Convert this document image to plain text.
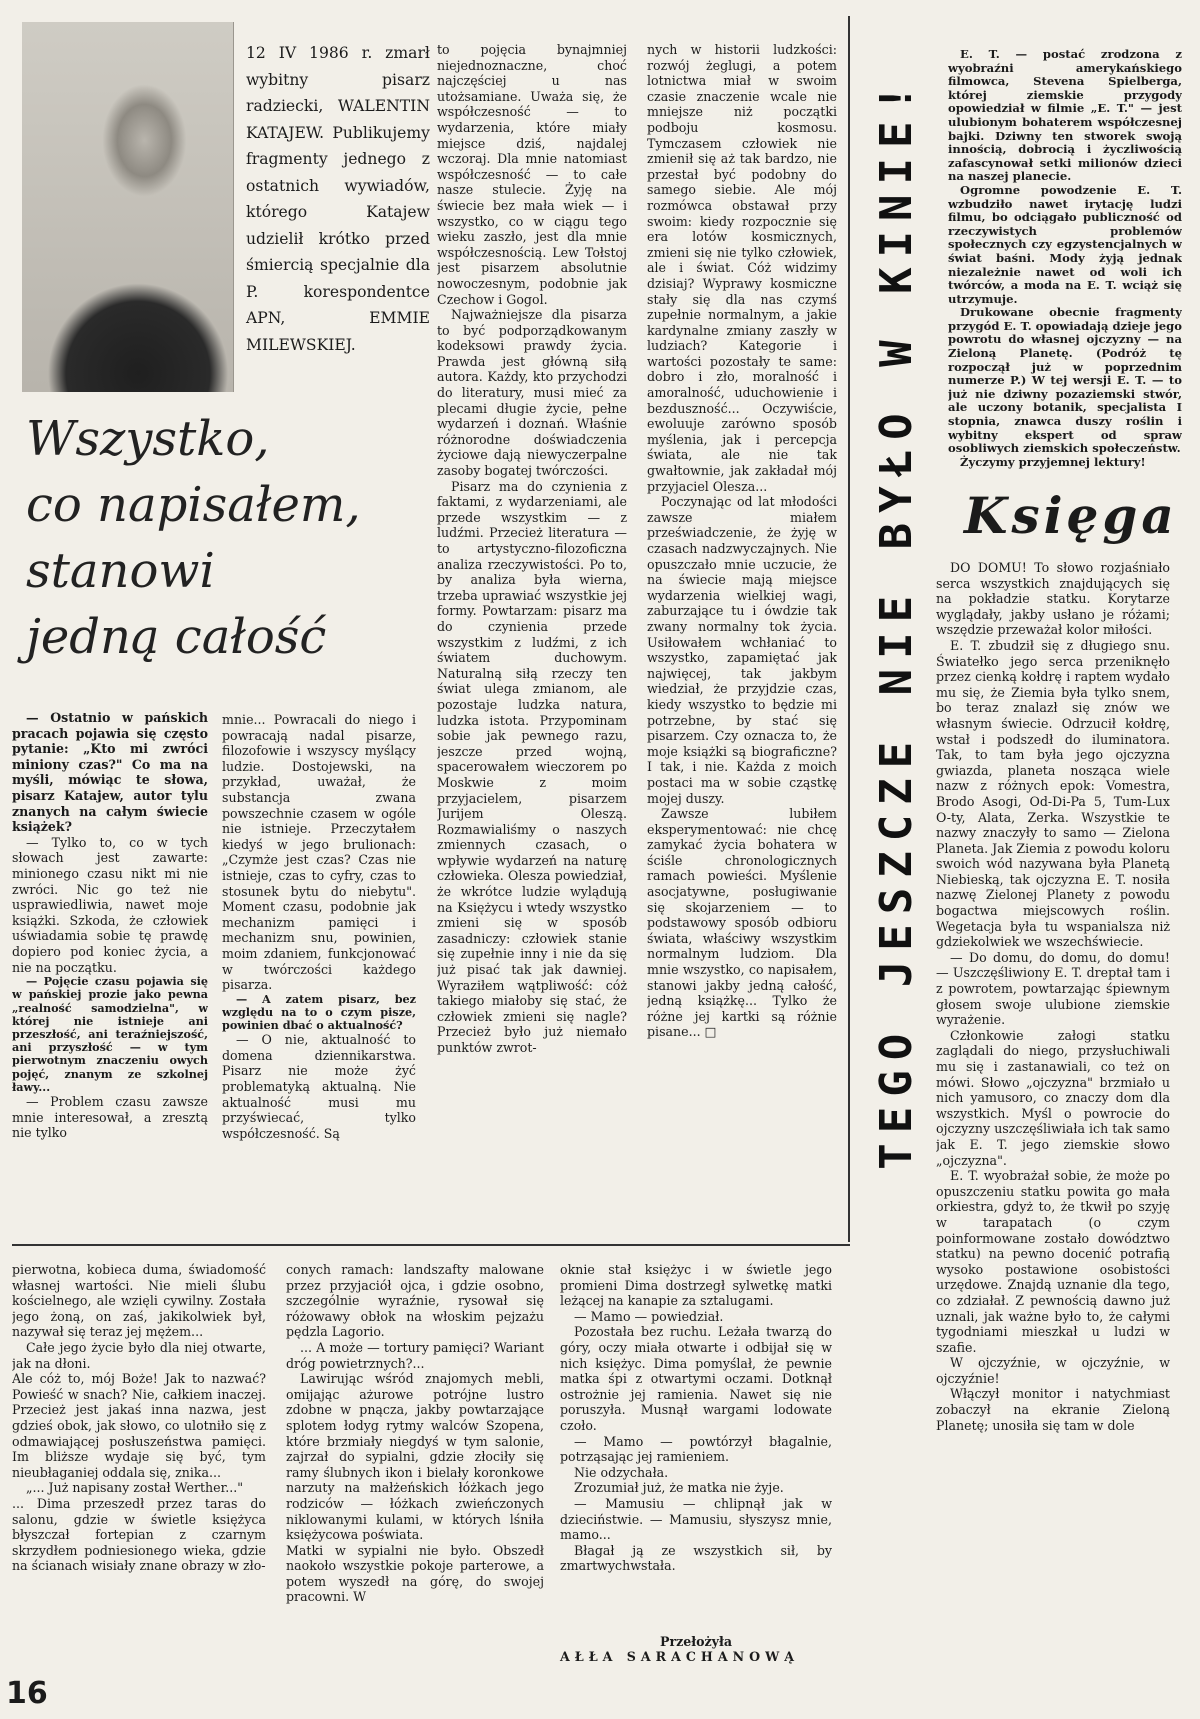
12 IV 1986 r. zmarł wybitny pisarz radziecki, WALENTIN KATAJEW. Publikujemy fragmenty jednego z ostatnich wywiadów, którego Katajew udzielił krótko przed śmiercią specjalnie dla P. korespondentce APN, EMMIE MILEWSKIEJ.

Wszystko,

co napisałem,

stanowi

jedną całość

— Ostatnio w pańskich pracach pojawia się często pytanie: „Kto mi zwróci miniony czas?" Co ma na myśli, mówiąc te słowa, pisarz Katajew, autor tylu znanych na całym świecie książek?

— Tylko to, co w tych słowach jest zawarte: minionego czasu nikt mi nie zwróci. Nic go też nie usprawiedliwia, nawet moje książki. Szkoda, że człowiek uświadamia sobie tę prawdę dopiero pod koniec życia, a nie na początku.

— Pojęcie czasu pojawia się w pańskiej prozie jako pewna „realność samodzielna", w której nie istnieje ani przeszłość, ani teraźniejszość, ani przyszłość — w tym pierwotnym znaczeniu owych pojęć, znanym ze szkolnej ławy...

— Problem czasu zawsze mnie interesował, a zresztą nie tylko

mnie... Powracali do niego i powracają nadal pisarze, filozofowie i wszyscy myślący ludzie. Dostojewski, na przykład, uważał, że substancja zwana powszechnie czasem w ogóle nie istnieje. Przeczytałem kiedyś w jego brulionach: „Czymże jest czas? Czas nie istnieje, czas to cyfry, czas to stosunek bytu do niebytu". Moment czasu, podobnie jak mechanizm pamięci i mechanizm snu, powinien, moim zdaniem, funkcjonować w twórczości każdego pisarza.

— A zatem pisarz, bez względu na to o czym pisze, powinien dbać o aktualność?

— O nie, aktualność to domena dziennikarstwa. Pisarz nie może żyć problematyką aktualną. Nie aktualność musi mu przyświecać, tylko współczesność. Są

to pojęcia bynajmniej niejednoznaczne, choć najczęściej u nas utożsamiane. Uważa się, że współczesność — to wydarzenia, które miały miejsce dziś, najdalej wczoraj. Dla mnie natomiast współczesność — to całe nasze stulecie. Żyję na świecie bez mała wiek — i wszystko, co w ciągu tego wieku zaszło, jest dla mnie współczesnością. Lew Tołstoj jest pisarzem absolutnie nowoczesnym, podobnie jak Czechow i Gogol.

Najważniejsze dla pisarza to być podporządkowanym kodeksowi prawdy życia. Prawda jest główną siłą autora. Każdy, kto przychodzi do literatury, musi mieć za plecami długie życie, pełne wydarzeń i doznań. Właśnie różnorodne doświadczenia życiowe dają niewyczerpalne zasoby bogatej twórczości.

Pisarz ma do czynienia z faktami, z wydarzeniami, ale przede wszystkim — z ludźmi. Przecież literatura — to artystyczno-filozoficzna analiza rzeczywistości. Po to, by analiza była wierna, trzeba uprawiać wszystkie jej formy. Powtarzam: pisarz ma do czynienia przede wszystkim z ludźmi, z ich światem duchowym. Naturalną siłą rzeczy ten świat ulega zmianom, ale pozostaje ludzka natura, ludzka istota. Przypominam sobie jak pewnego razu, jeszcze przed wojną, spacerowałem wieczorem po Moskwie z moim przyjacielem, pisarzem Jurijem Oleszą. Rozmawialiśmy o naszych zmiennych czasach, o wpływie wydarzeń na naturę człowieka. Olesza powiedział, że wkrótce ludzie wylądują na Księżycu i wtedy wszystko zmieni się w sposób zasadniczy: człowiek stanie się zupełnie inny i nie da się już pisać tak jak dawniej. Wyraziłem wątpliwość: cóż takiego miałoby się stać, że człowiek zmieni się nagle? Przecież było już niemało punktów zwrot-

nych w historii ludzkości: rozwój żeglugi, a potem lotnictwa miał w swoim czasie znaczenie wcale nie mniejsze niż początki podboju kosmosu. Tymczasem człowiek nie zmienił się aż tak bardzo, nie przestał być podobny do samego siebie. Ale mój rozmówca obstawał przy swoim: kiedy rozpocznie się era lotów kosmicznych, zmieni się nie tylko człowiek, ale i świat. Cóż widzimy dzisiaj? Wyprawy kosmiczne stały się dla nas czymś zupełnie normalnym, a jakie kardynalne zmiany zaszły w ludziach? Kategorie i wartości pozostały te same: dobro i zło, moralność i amoralność, uduchowienie i bezduszność... Oczywiście, ewoluuje zarówno sposób myślenia, jak i percepcja świata, ale nie tak gwałtownie, jak zakładał mój przyjaciel Olesza...

Poczynając od lat młodości zawsze miałem przeświadczenie, że żyję w czasach nadzwyczajnych. Nie opuszczało mnie uczucie, że na świecie mają miejsce wydarzenia wielkiej wagi, zaburzające tu i ówdzie tak zwany normalny tok życia. Usiłowałem wchłaniać to wszystko, zapamiętać jak najwięcej, tak jakbym wiedział, że przyjdzie czas, kiedy wszystko to będzie mi potrzebne, by stać się pisarzem. Czy oznacza to, że moje książki są biograficzne? I tak, i nie. Każda z moich postaci ma w sobie cząstkę mojej duszy.

Zawsze lubiłem eksperymentować: nie chcę zamykać życia bohatera w ściśle chronologicznych ramach powieści. Myślenie asocjatywne, posługiwanie się skojarzeniem — to podstawowy sposób odbioru świata, właściwy wszystkim normalnym ludziom. Dla mnie wszystko, co napisałem, stanowi jakby jedną całość, jedną książkę... Tylko że różne jej kartki są różnie pisane... □	TEGO JESZCZE NIE BYŁO W KINIE!

E. T. — postać zrodzona z wyobraźni amerykańskiego filmowca, Stevena Spielberga, której ziemskie przygody opowiedział w filmie „E. T." — jest ulubionym bohaterem współczesnej bajki. Dziwny ten stworek swoją innością, dobrocią i życzliwością zafascynował setki milionów dzieci na naszej planecie.

Ogromne powodzenie E. T. wzbudziło nawet irytację ludzi filmu, bo odciągało publiczność od rzeczywistych problemów społecznych czy egzystencjalnych w świat baśni. Mody żyją jednak niezależnie nawet od woli ich twórców, a moda na E. T. wciąż się utrzymuje.

Drukowane obecnie fragmenty przygód E. T. opowiadają dzieje jego powrotu do własnej ojczyzny — na Zieloną Planetę. (Podróż tę rozpoczął już w poprzednim numerze P.) W tej wersji E. T. — to już nie dziwny pozaziemski stwór, ale uczony botanik, specjalista I stopnia, znawca duszy roślin i wybitny ekspert od spraw osobliwych ziemskich społeczeństw.

Życzymy przyjemnej lektury!

Księga

DO DOMU! To słowo rozjaśniało serca wszystkich znajdujących się na pokładzie statku. Korytarze wyglądały, jakby usłano je różami; wszędzie przeważał kolor miłości.

E. T. zbudził się z długiego snu. Światełko jego serca przeniknęło przez cienką kołdrę i raptem wydało mu się, że Ziemia była tylko snem, bo teraz znalazł się znów we własnym świecie. Odrzucił kołdrę, wstał i podszedł do iluminatora. Tak, to tam była jego ojczyzna gwiazda, planeta nosząca wiele nazw z różnych epok: Vomestra, Brodo Asogi, Od-Di-Pa 5, Tum-Lux O-ty, Alata, Zerka. Wszystkie te nazwy znaczyły to samo — Zielona Planeta. Jak Ziemia z powodu koloru swoich wód nazywana była Planetą Niebieską, tak ojczyzna E. T. nosiła nazwę Zielonej Planety z powodu bogactwa miejscowych roślin. Wegetacja była tu wspanialsza niż gdziekolwiek we wszechświecie.

— Do domu, do domu, do domu! — Uszczęśliwiony E. T. dreptał tam i z powrotem, powtarzając śpiewnym głosem swoje ulubione ziemskie wyrażenie.

Członkowie załogi statku zaglądali do niego, przysłuchiwali mu się i zastanawiali, co też on mówi. Słowo „ojczyzna" brzmiało u nich yamusoro, co znaczy dom dla wszystkich. Myśl o powrocie do ojczyzny uszczęśliwiała ich tak samo jak E. T. jego ziemskie słowo „ojczyzna".

E. T. wyobrażał sobie, że może po opuszczeniu statku powita go mała orkiestra, gdyż to, że tkwił po szyję w tarapatach (o czym poinformowane zostało dowództwo statku) na pewno docenić potrafią wysoko postawione osobistości urzędowe. Znajdą uznanie dla tego, co zdziałał. Z pewnością dawno już uznali, jak ważne było to, że całymi tygodniami mieszkał u ludzi w szafie.

W ojczyźnie, w ojczyźnie, w ojczyźnie!

Włączył monitor i natychmiast zobaczył na ekranie Zieloną Planetę; unosiła się tam w dole

pierwotna, kobieca duma, świadomość własnej wartości. Nie mieli ślubu kościelnego, ale wzięli cywilny. Została jego żoną, on zaś, jakikolwiek był, nazywał się teraz jej mężem...

Całe jego życie było dla niej otwarte, jak na dłoni.

Ale cóż to, mój Boże! Jak to nazwać? Powieść w snach? Nie, całkiem inaczej. Przecież jest jakaś inna nazwa, jest gdzieś obok, jak słowo, co ulotniło się z odmawiającej posłuszeństwa pamięci. Im bliższe wydaje się być, tym nieubłaganiej oddala się, znika...

„... Już napisany został Werther..."

... Dima przeszedł przez taras do salonu, gdzie w świetle księżyca błyszczał fortepian z czarnym skrzydłem podniesionego wieka, gdzie na ścianach wisiały znane obrazy w zło-

conych ramach: landszafty malowane przez przyjaciół ojca, i gdzie osobno, szczególnie wyraźnie, rysował się różowawy obłok na włoskim pejzażu pędzla Lagorio.

... A może — tortury pamięci? Wariant dróg powietrznych?...

Lawirując wśród znajomych mebli, omijając ażurowe potrójne lustro zdobne w pnącza, jakby powtarzające splotem łodyg rytmy walców Szopena, które brzmiały niegdyś w tym salonie, zajrzał do sypialni, gdzie złociły się ramy ślubnych ikon i bielały koronkowe narzuty na małżeńskich łóżkach jego rodziców — łóżkach zwieńczonych niklowanymi kulami, w których lśniła księżycowa poświata.

Matki w sypialni nie było. Obszedł naokoło wszystkie pokoje parterowe, a potem wyszedł na górę, do swojej pracowni. W

oknie stał księżyc i w świetle jego promieni Dima dostrzegł sylwetkę matki leżącej na kanapie za sztalugami.

— Mamo — powiedział.

Pozostała bez ruchu. Leżała twarzą do góry, oczy miała otwarte i odbijał się w nich księżyc. Dima pomyślał, że pewnie matka śpi z otwartymi oczami. Dotknął ostrożnie jej ramienia. Nawet się nie poruszyła. Musnął wargami lodowate czoło.

— Mamo — powtórzył błagalnie, potrząsając jej ramieniem.

Nie odzychała.

Zrozumiał już, że matka nie żyje.

— Mamusiu — chlipnął jak w dzieciństwie. — Mamusiu, słyszysz mnie, mamo...

Błagał ją ze wszystkich sił, by zmartwychwstała.

Przełożyła
AŁŁA SARACHANOWĄ
16
